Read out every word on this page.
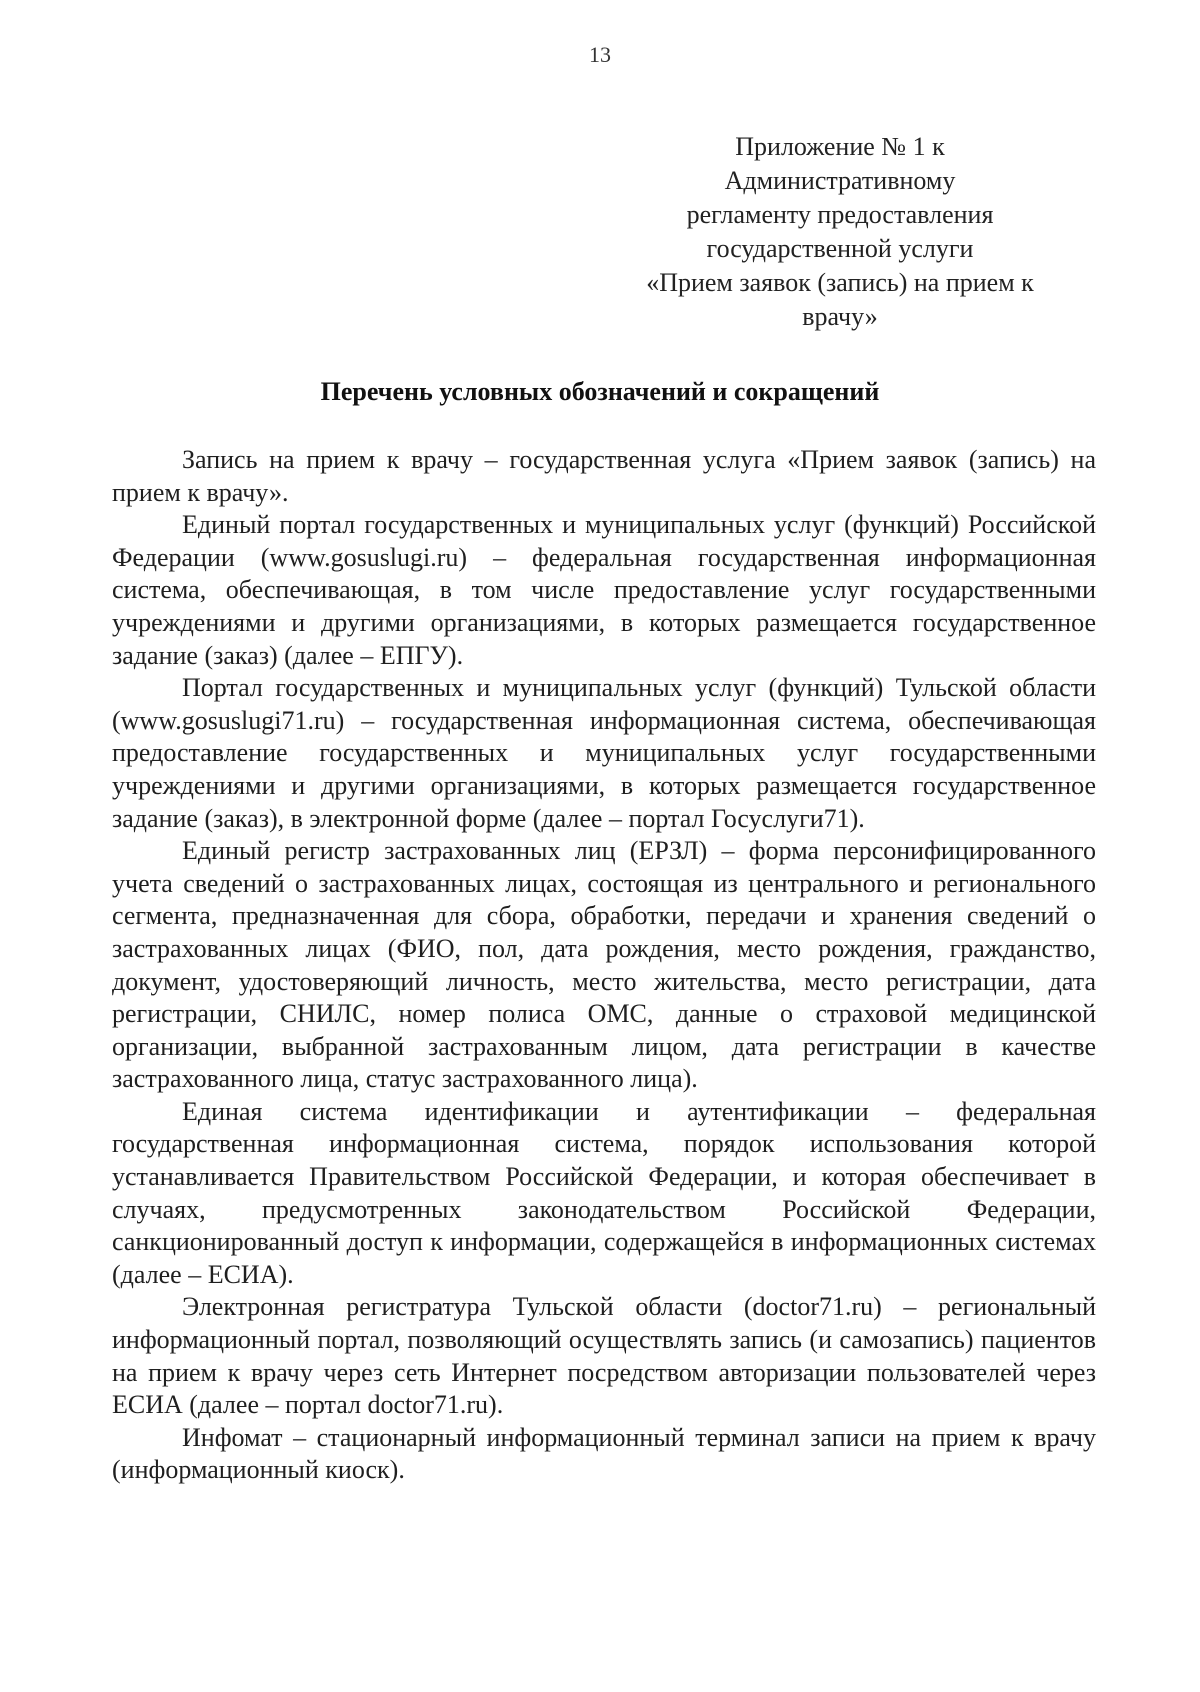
13
Приложение № 1 к
Административному
регламенту предоставления
государственной услуги
«Прием заявок (запись) на прием к
врачу»
Перечень условных обозначений и сокращений

Запись на прием к врачу – государственная услуга «Прием заявок (запись) на прием к врачу».

Единый портал государственных и муниципальных услуг (функций) Российской Федерации (www.gosuslugi.ru) – федеральная государственная информационная система, обеспечивающая, в том числе предоставление услуг государственными учреждениями и другими организациями, в которых размещается государственное задание (заказ) (далее – ЕПГУ).

Портал государственных и муниципальных услуг (функций) Тульской области (www.gosuslugi71.ru) – государственная информационная система, обеспечивающая предоставление государственных и муниципальных услуг государственными учреждениями и другими организациями, в которых размещается государственное задание (заказ), в электронной форме (далее – портал Госуслуги71).

Единый регистр застрахованных лиц (ЕРЗЛ) – форма персонифицированного учета сведений о застрахованных лицах, состоящая из центрального и регионального сегмента, предназначенная для сбора, обработки, передачи и хранения сведений о застрахованных лицах (ФИО, пол, дата рождения, место рождения, гражданство, документ, удостоверяющий личность, место жительства, место регистрации, дата регистрации, СНИЛС, номер полиса ОМС, данные о страховой медицинской организации, выбранной застрахованным лицом, дата регистрации в качестве застрахованного лица, статус застрахованного лица).

Единая система идентификации и аутентификации – федеральная государственная информационная система, порядок использования которой устанавливается Правительством Российской Федерации, и которая обеспечивает в случаях, предусмотренных законодательством Российской Федерации, санкционированный доступ к информации, содержащейся в информационных системах (далее – ЕСИА).

Электронная регистратура Тульской области (doctor71.ru) – региональный информационный портал, позволяющий осуществлять запись (и самозапись) пациентов на прием к врачу через сеть Интернет посредством авторизации пользователей через ЕСИА (далее – портал doctor71.ru).

Инфомат – стационарный информационный терминал записи на прием к врачу (информационный киоск).
